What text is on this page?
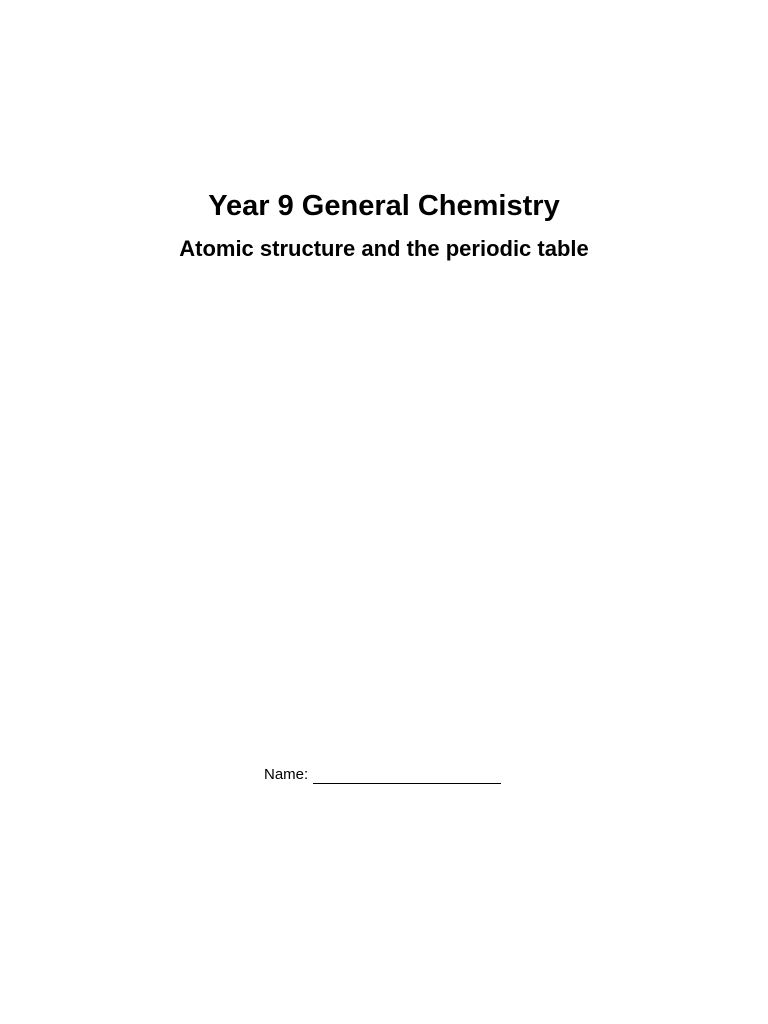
Year 9 General Chemistry
Atomic structure and the periodic table
Name:
